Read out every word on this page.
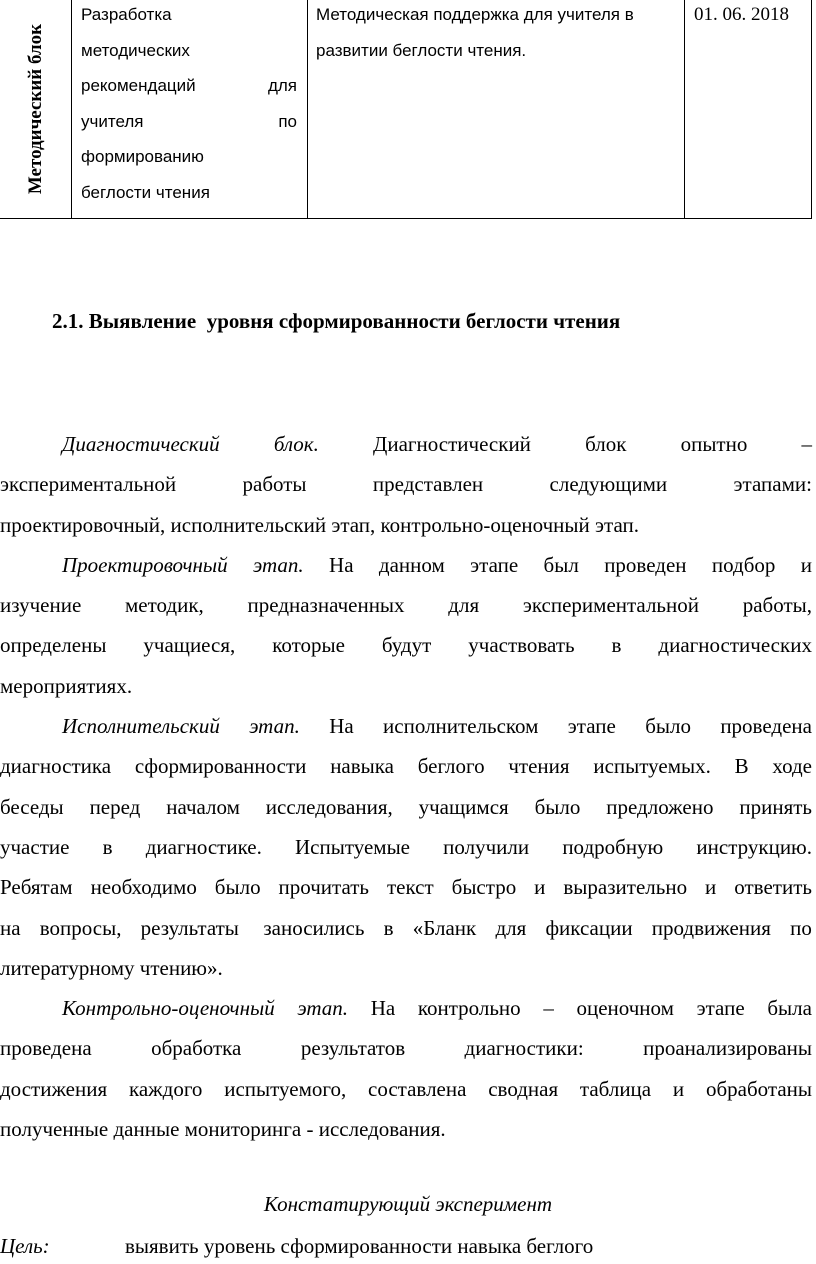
Методический блок

Разработка
методических
рекомендаций	для
учителя	по
формированию
беглости чтения

Методическая поддержка для учителя в
развитии беглости чтения.

01. 06. 2018
2.1. Выявление  уровня сформированности беглости чтения
Диагностический	блок.	Диагностический	блок	опытно	–
экспериментальной	работы	представлен	следующими	этапами:
проектировочный, исполнительский этап, контрольно-оценочный этап.
Проектировочный этап. На данном этапе был проведен подбор и
изучение методик, предназначенных для экспериментальной работы,
определены учащиеся, которые будут участвовать в диагностических
мероприятиях.
Исполнительский этап. На исполнительском этапе было проведена
диагностика сформированности навыка беглого чтения испытуемых. В ходе
беседы перед началом исследования, учащимся было предложено принять
участие в диагностике. Испытуемые получили подробную инструкцию.
Ребятам необходимо было прочитать текст быстро и выразительно и ответить
на вопросы, результаты заносились в «Бланк для фиксации продвижения по
литературному чтению».
Контрольно-оценочный этап. На контрольно – оценочном этапе была
проведена	обработка	результатов	диагностики:	проанализированы
достижения каждого испытуемого, составлена сводная таблица и обработаны
полученные данные мониторинга - исследования.
Констатирующий эксперимент
Цель:	выявить уровень сформированности навыка беглого
